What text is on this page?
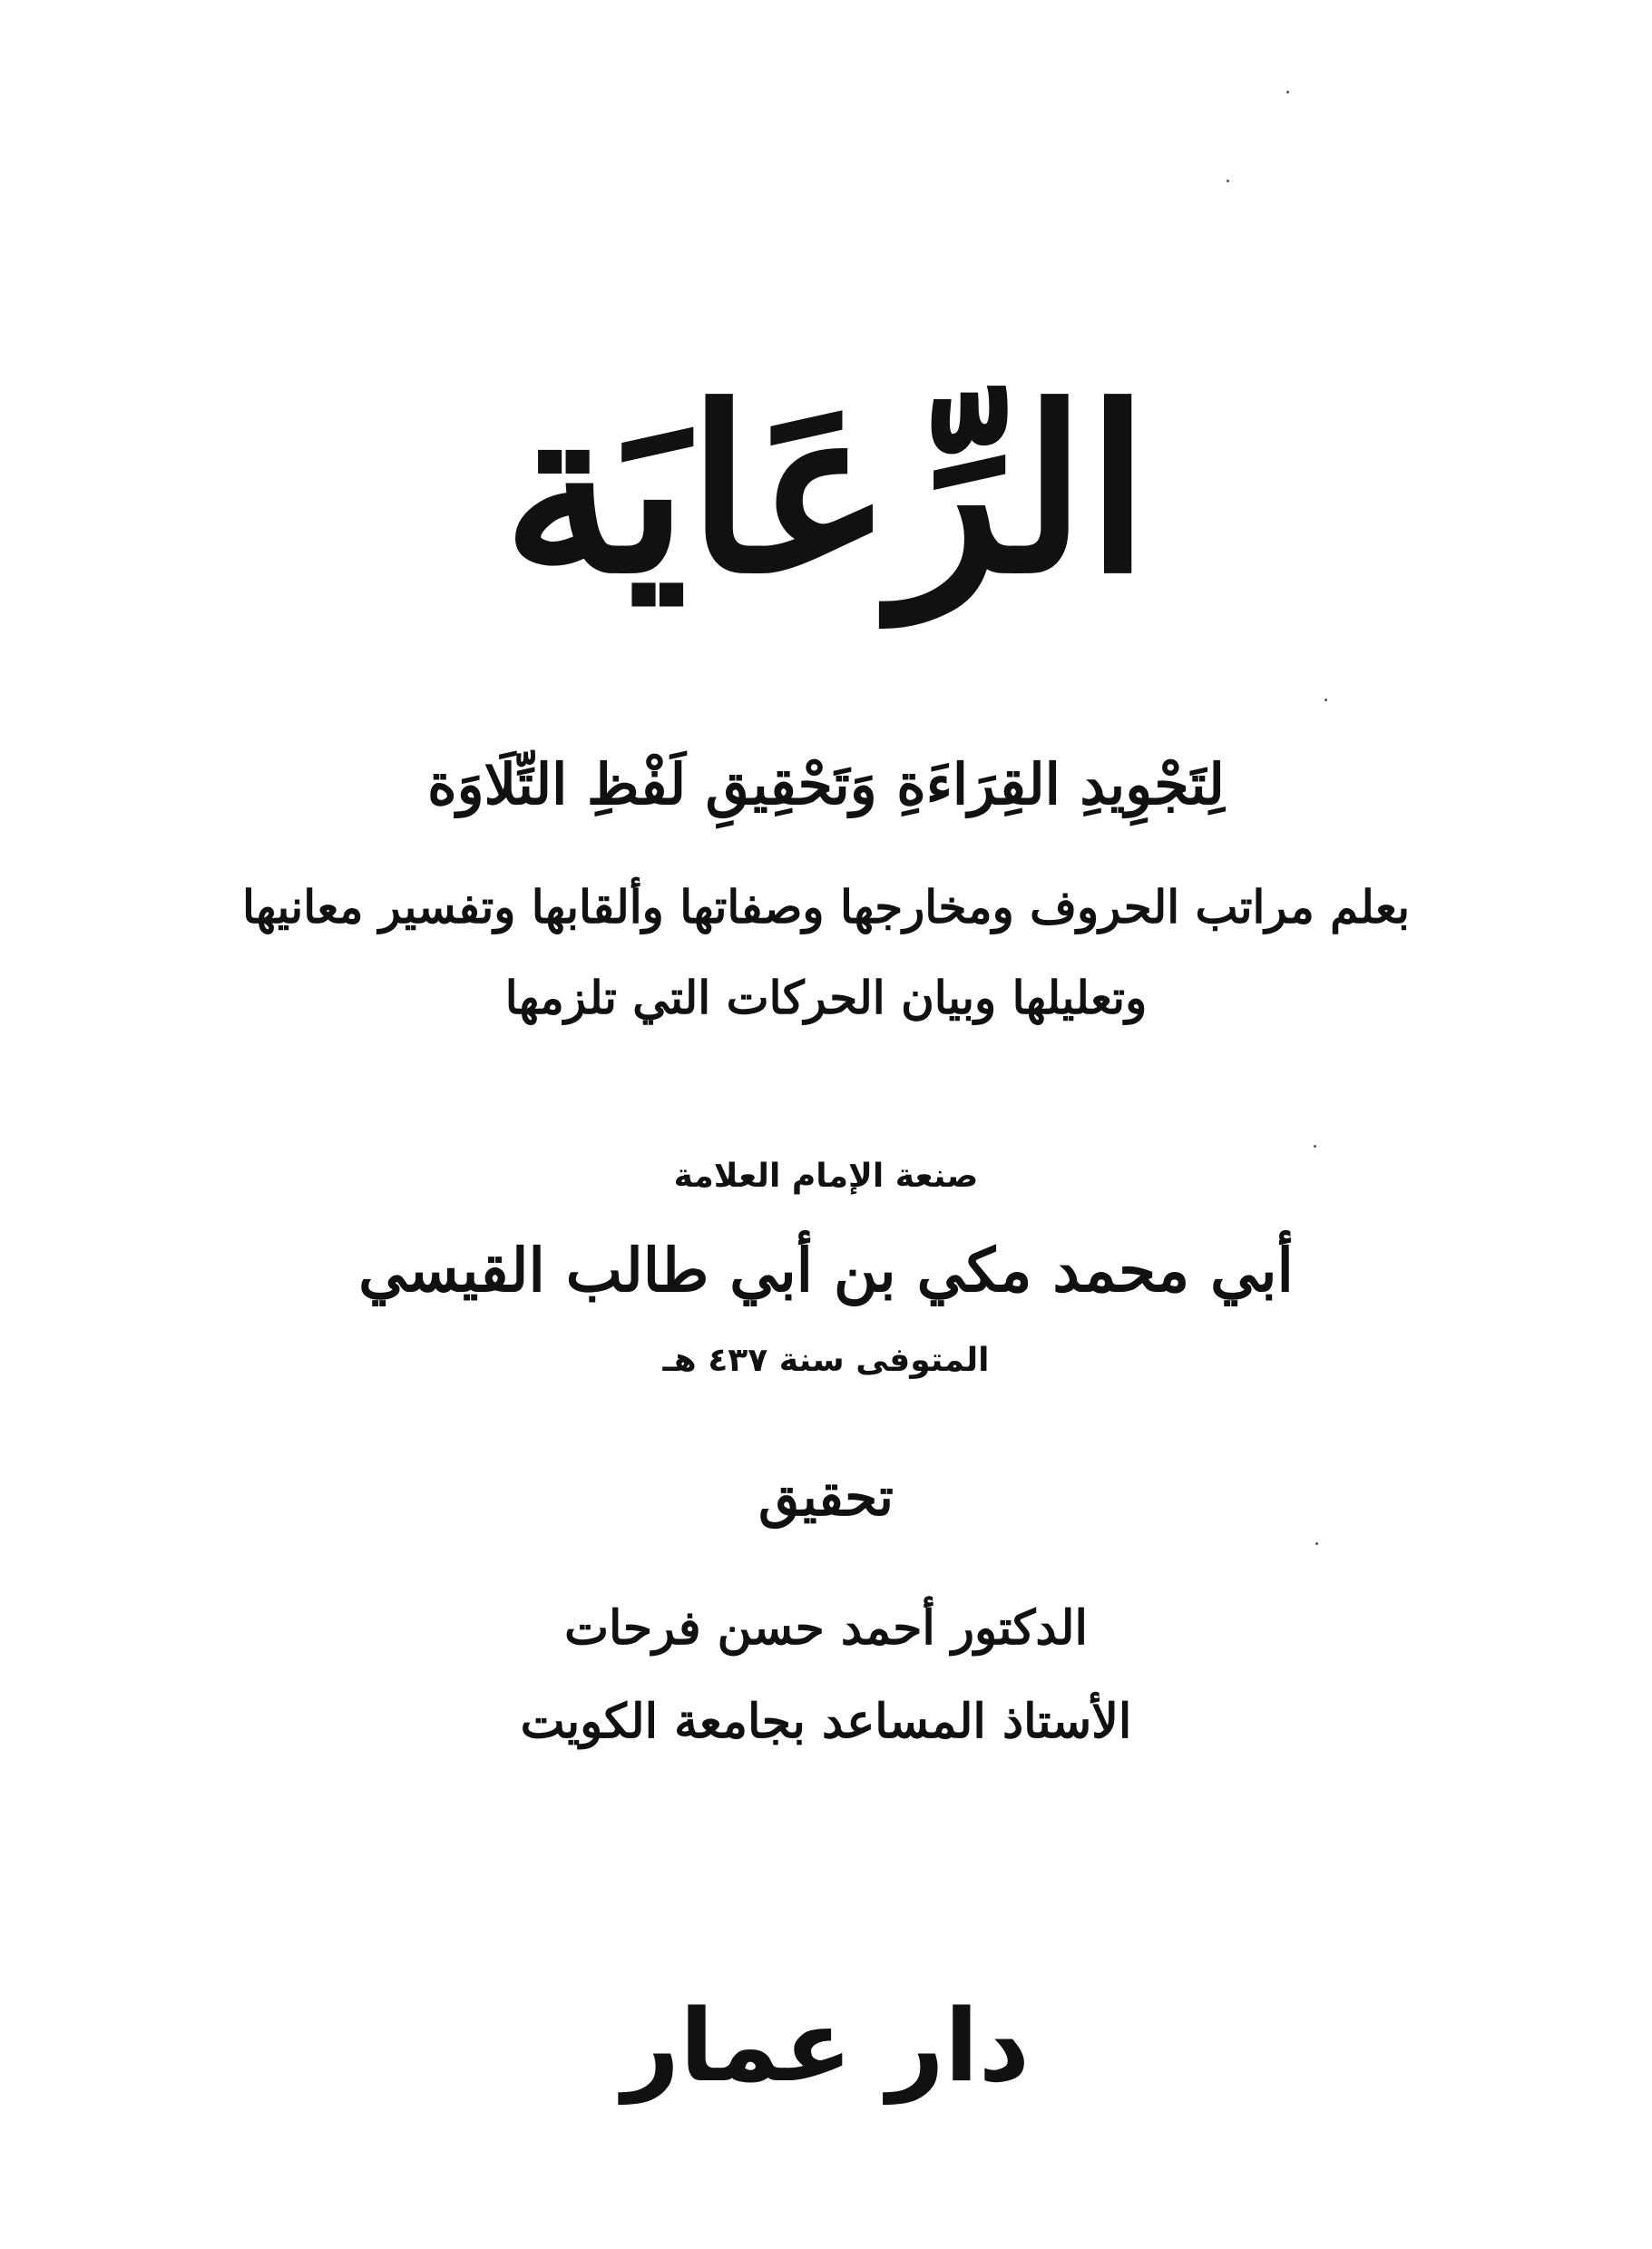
الرِّعَايَة
لِتَجْوِيدِ القِرَاءَةِ وَتَحْقِيقِ لَفْظِ التِّلَاوَة
بعلم مراتب الحروف ومخارجها وصفاتها وألقابها وتفسير معانيها
وتعليلها وبيان الحركات التي تلزمها
صنعة الإمام العلامة
أبي محمد مكي بن أبي طالب القيسي
المتوفى سنة ٤٣٧ هـ
تحقيق
الدكتور أحمد حسن فرحات
الأستاذ المساعد بجامعة الكويت
دار عمار
